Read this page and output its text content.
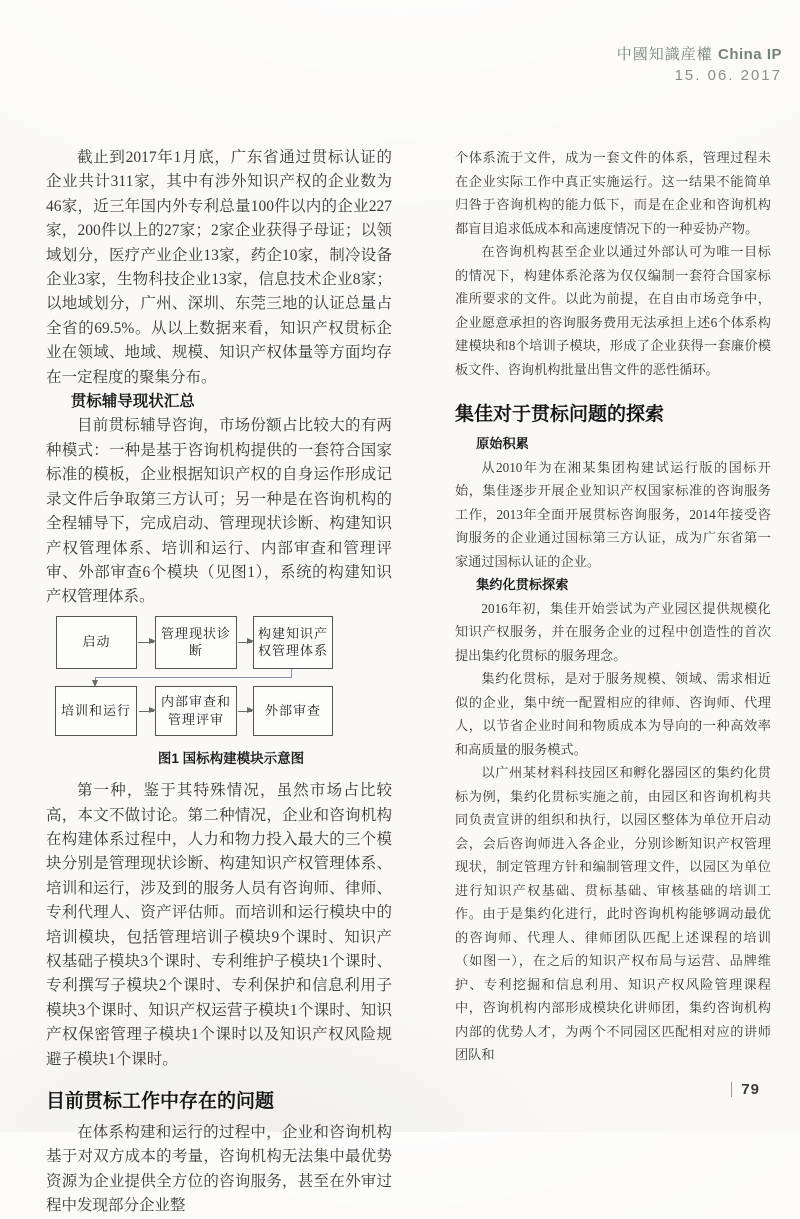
中國知識産權 China IP
15. 06. 2017

截止到2017年1月底，广东省通过贯标认证的企业共计311家，其中有涉外知识产权的企业数为46家，近三年国内外专利总量100件以内的企业227家，200件以上的27家；2家企业获得子母证；以领域划分，医疗产业企业13家，药企10家，制冷设备企业3家，生物科技企业13家，信息技术企业8家；以地域划分，广州、深圳、东莞三地的认证总量占全省的69.5%。从以上数据来看，知识产权贯标企业在领域、地域、规模、知识产权体量等方面均存在一定程度的聚集分布。

贯标辅导现状汇总

目前贯标辅导咨询，市场份额占比较大的有两种模式：一种是基于咨询机构提供的一套符合国家标准的模板，企业根据知识产权的自身运作形成记录文件后争取第三方认可；另一种是在咨询机构的全程辅导下，完成启动、管理现状诊断、构建知识产权管理体系、培训和运行、内部审查和管理评审、外部审查6个模块（见图1），系统的构建知识产权管理体系。

启动
管理现状诊断
构建知识产权管理体系
培训和运行
内部审查和管理评审
外部审查
图1 国标构建模块示意图

第一种，鉴于其特殊情况，虽然市场占比较高，本文不做讨论。第二种情况，企业和咨询机构在构建体系过程中，人力和物力投入最大的三个模块分别是管理现状诊断、构建知识产权管理体系、培训和运行，涉及到的服务人员有咨询师、律师、专利代理人、资产评估师。而培训和运行模块中的培训模块，包括管理培训子模块9个课时、知识产权基础子模块3个课时、专利维护子模块1个课时、专利撰写子模块2个课时、专利保护和信息利用子模块3个课时、知识产权运营子模块1个课时、知识产权保密管理子模块1个课时以及知识产权风险规避子模块1个课时。

目前贯标工作中存在的问题

在体系构建和运行的过程中，企业和咨询机构基于对双方成本的考量，咨询机构无法集中最优势资源为企业提供全方位的咨询服务，甚至在外审过程中发现部分企业整

个体系流于文件，成为一套文件的体系，管理过程未在企业实际工作中真正实施运行。这一结果不能简单归咎于咨询机构的能力低下，而是在企业和咨询机构都盲目追求低成本和高速度情况下的一种妥协产物。

在咨询机构甚至企业以通过外部认可为唯一目标的情况下，构建体系沦落为仅仅编制一套符合国家标准所要求的文件。以此为前提，在自由市场竞争中，企业愿意承担的咨询服务费用无法承担上述6个体系构建模块和8个培训子模块，形成了企业获得一套廉价模板文件、咨询机构批量出售文件的恶性循环。

集佳对于贯标问题的探索
原始积累

从2010年为在湘某集团构建试运行版的国标开始，集佳逐步开展企业知识产权国家标准的咨询服务工作，2013年全面开展贯标咨询服务，2014年接受咨询服务的企业通过国标第三方认证，成为广东省第一家通过国标认证的企业。

集约化贯标探索

2016年初，集佳开始尝试为产业园区提供规模化知识产权服务，并在服务企业的过程中创造性的首次提出集约化贯标的服务理念。

集约化贯标，是对于服务规模、领域、需求相近似的企业，集中统一配置相应的律师、咨询师、代理人，以节省企业时间和物质成本为导向的一种高效率和高质量的服务模式。

以广州某材料科技园区和孵化器园区的集约化贯标为例，集约化贯标实施之前，由园区和咨询机构共同负责宣讲的组织和执行，以园区整体为单位开启动会，会后咨询师进入各企业，分别诊断知识产权管理现状，制定管理方针和编制管理文件，以园区为单位进行知识产权基础、贯标基础、审核基础的培训工作。由于是集约化进行，此时咨询机构能够调动最优的咨询师、代理人、律师团队匹配上述课程的培训（如图一），在之后的知识产权布局与运营、品牌维护、专利挖掘和信息利用、知识产权风险管理课程中，咨询机构内部形成模块化讲师团，集约咨询机构内部的优势人才，为两个不同园区匹配相对应的讲师团队和

79
